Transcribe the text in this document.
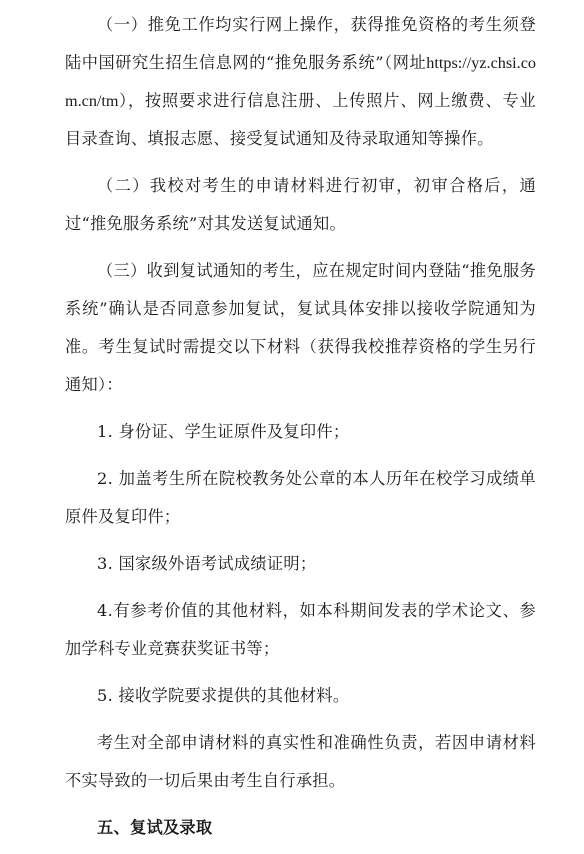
（一）推免工作均实行网上操作，获得推免资格的考生须登陆中国研究生招生信息网的“推免服务系统”（网址https://yz.chsi.com.cn/tm），按照要求进行信息注册、上传照片、网上缴费、专业目录查询、填报志愿、接受复试通知及待录取通知等操作。

（二）我校对考生的申请材料进行初审，初审合格后，通过“推免服务系统”对其发送复试通知。

（三）收到复试通知的考生，应在规定时间内登陆“推免服务系统”确认是否同意参加复试，复试具体安排以接收学院通知为准。考生复试时需提交以下材料（获得我校推荐资格的学生另行通知）：

1. 身份证、学生证原件及复印件；

2. 加盖考生所在院校教务处公章的本人历年在校学习成绩单原件及复印件；

3. 国家级外语考试成绩证明；

4.有参考价值的其他材料，如本科期间发表的学术论文、参加学科专业竞赛获奖证书等；

5. 接收学院要求提供的其他材料。

考生对全部申请材料的真实性和准确性负责，若因申请材料不实导致的一切后果由考生自行承担。

五、复试及录取
